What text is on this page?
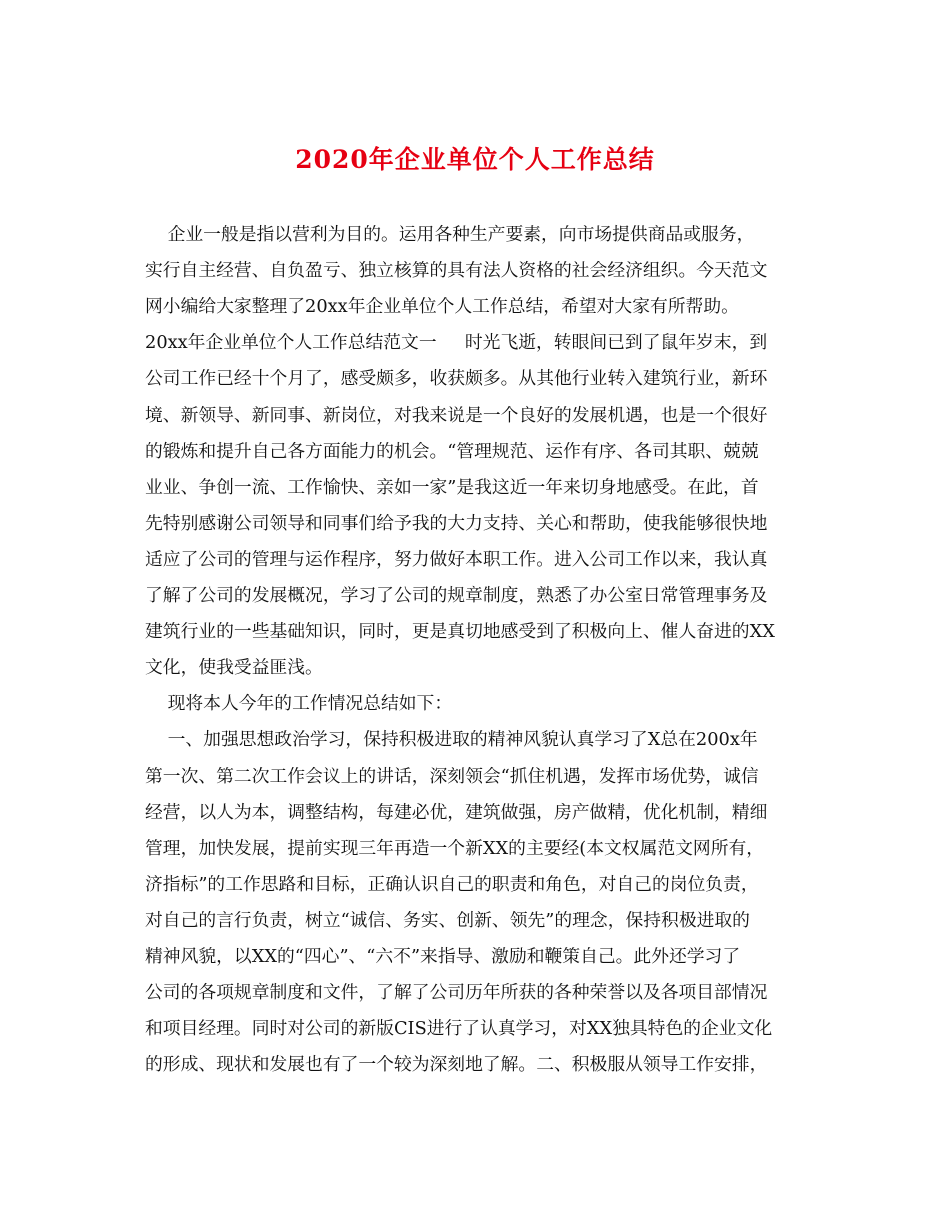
2020年企业单位个人工作总结
企业一般是指以营利为目的。运用各种生产要素，向市场提供商品或服务，
实行自主经营、自负盈亏、独立核算的具有法人资格的社会经济组织。今天范文
网小编给大家整理了20xx年企业单位个人工作总结，希望对大家有所帮助。
20xx年企业单位个人工作总结范文一     时光飞逝，转眼间已到了鼠年岁末，到
公司工作已经十个月了，感受颇多，收获颇多。从其他行业转入建筑行业，新环
境、新领导、新同事、新岗位，对我来说是一个良好的发展机遇，也是一个很好
的锻炼和提升自己各方面能力的机会。“管理规范、运作有序、各司其职、兢兢
业业、争创一流、工作愉快、亲如一家”是我这近一年来切身地感受。在此，首
先特别感谢公司领导和同事们给予我的大力支持、关心和帮助，使我能够很快地
适应了公司的管理与运作程序，努力做好本职工作。进入公司工作以来，我认真
了解了公司的发展概况，学习了公司的规章制度，熟悉了办公室日常管理事务及
建筑行业的一些基础知识，同时，更是真切地感受到了积极向上、催人奋进的XX
文化，使我受益匪浅。
现将本人今年的工作情况总结如下：
一、加强思想政治学习，保持积极进取的精神风貌认真学习了X总在200x年
第一次、第二次工作会议上的讲话，深刻领会“抓住机遇，发挥市场优势，诚信
经营，以人为本，调整结构，每建必优，建筑做强，房产做精，优化机制，精细
管理，加快发展，提前实现三年再造一个新XX的主要经(本文权属范文网所有，
济指标”的工作思路和目标，正确认识自己的职责和角色，对自己的岗位负责，
对自己的言行负责，树立“诚信、务实、创新、领先”的理念，保持积极进取的
精神风貌，以XX的“四心”、“六不”来指导、激励和鞭策自己。此外还学习了
公司的各项规章制度和文件，了解了公司历年所获的各种荣誉以及各项目部情况
和项目经理。同时对公司的新版CIS进行了认真学习，对XX独具特色的企业文化
的形成、现状和发展也有了一个较为深刻地了解。二、积极服从领导工作安排，
